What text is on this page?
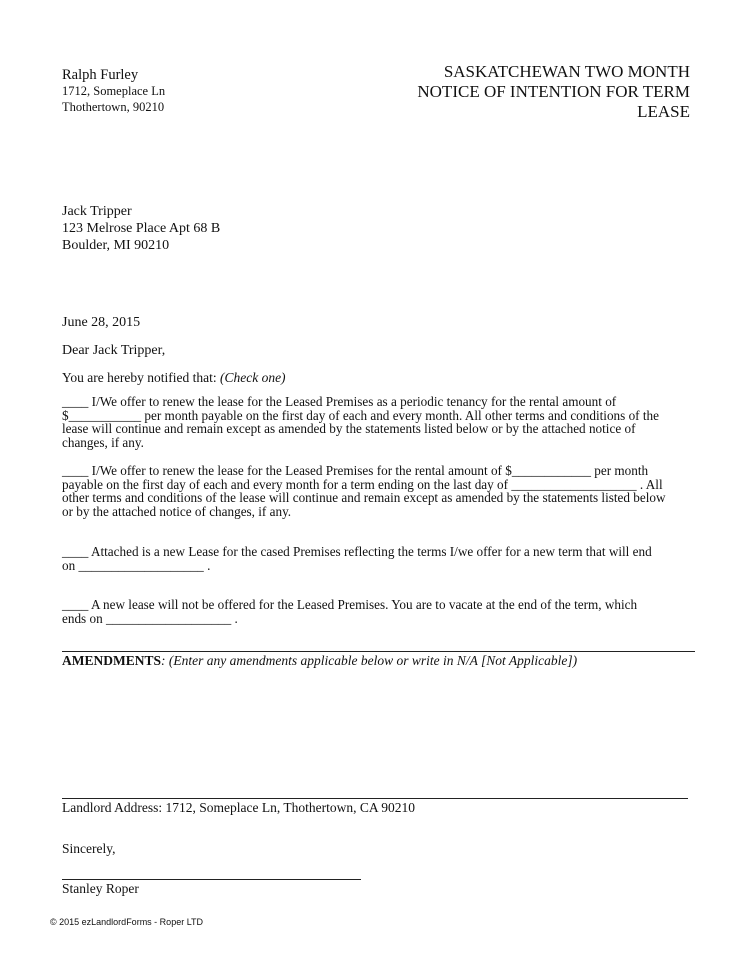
Ralph Furley
1712, Someplace Ln
Thothertown, 90210
SASKATCHEWAN TWO MONTH
NOTICE OF INTENTION FOR TERM
LEASE
Jack Tripper
123 Melrose Place Apt 68 B
Boulder, MI 90210
June 28, 2015
Dear Jack Tripper,
You are hereby notified that: (Check one)
____ I/We offer to renew the lease for the Leased Premises as a periodic tenancy for the rental amount of
$___________ per month payable on the first day of each and every month. All other terms and conditions of the
lease will continue and remain except as amended by the statements listed below or by the attached notice of
changes, if any.
____ I/We offer to renew the lease for the Leased Premises for the rental amount of $____________ per month
payable on the first day of each and every month for a term ending on the last day of ___________________ . All
other terms and conditions of the lease will continue and remain except as amended by the statements listed below
or by the attached notice of changes, if any.
____ Attached is a new Lease for the cased Premises reflecting the terms I/we offer for a new term that will end
on ___________________ .
____ A new lease will not be offered for the Leased Premises. You are to vacate at the end of the term, which
ends on ___________________ .
AMENDMENTS: (Enter any amendments applicable below or write in N/A [Not Applicable])
Landlord Address: 1712, Someplace Ln, Thothertown, CA 90210
Sincerely,
Stanley Roper
© 2015 ezLandlordForms - Roper LTD
